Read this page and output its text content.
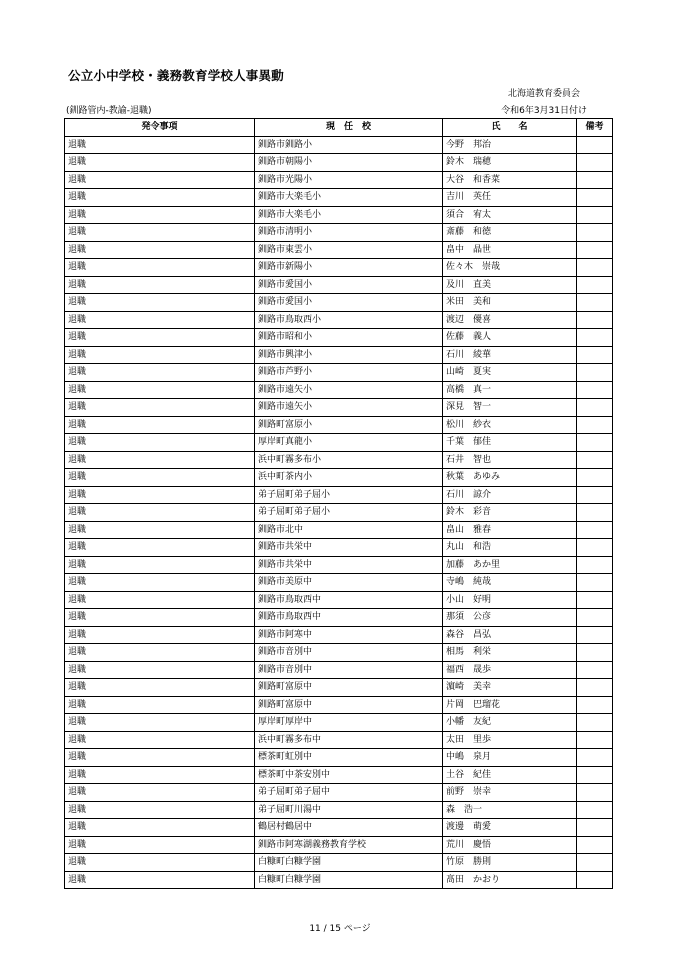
公立小中学校・義務教育学校人事異動
北海道教育委員会
(釧路管内-教諭-退職)	令和6年3月31日付け
発令事項	現　任　校	氏　　名	備考
退職	釧路市釧路小	今野　邦治	
退職	釧路市朝陽小	鈴木　瑞穂	
退職	釧路市光陽小	大谷　和香菜	
退職	釧路市大楽毛小	吉川　英任	
退職	釧路市大楽毛小	須合　宥太	
退職	釧路市清明小	斎藤　和徳	
退職	釧路市東雲小	畠中　晶世	
退職	釧路市新陽小	佐々木　崇哉	
退職	釧路市愛国小	及川　直美	
退職	釧路市愛国小	米田　美和	
退職	釧路市鳥取西小	渡辺　優喜	
退職	釧路市昭和小	佐藤　義人	
退職	釧路市興津小	石川　綾華	
退職	釧路市芦野小	山崎　夏実	
退職	釧路市遠矢小	高橋　真一	
退職	釧路市遠矢小	深見　智一	
退職	釧路町富原小	松川　紗衣	
退職	厚岸町真龍小	千葉　郁佳	
退職	浜中町霧多布小	石井　智也	
退職	浜中町茶内小	秋葉　あゆみ	
退職	弟子屈町弟子屈小	石川　諒介	
退職	弟子屈町弟子屈小	鈴木　彩音	
退職	釧路市北中	畠山　雅春	
退職	釧路市共栄中	丸山　和浩	
退職	釧路市共栄中	加藤　あか里	
退職	釧路市美原中	寺嶋　純哉	
退職	釧路市鳥取西中	小山　好明	
退職	釧路市鳥取西中	那須　公彦	
退職	釧路市阿寒中	森谷　昌弘	
退職	釧路市音別中	相馬　利栄	
退職	釧路市音別中	福西　晟歩	
退職	釧路町富原中	濵崎　美幸	
退職	釧路町富原中	片岡　巴瑠花	
退職	厚岸町厚岸中	小幡　友紀	
退職	浜中町霧多布中	太田　里歩	
退職	標茶町虹別中	中嶋　泉月	
退職	標茶町中茶安別中	土谷　紀佳	
退職	弟子屈町弟子屈中	前野　崇幸	
退職	弟子屈町川湯中	森　浩一	
退職	鶴居村鶴居中	渡邊　萌愛	
退職	釧路市阿寒湖義務教育学校	荒川　慶悟	
退職	白糠町白糠学園	竹原　勝則	
退職	白糠町白糠学園	髙田　かおり	
11 / 15 ページ
